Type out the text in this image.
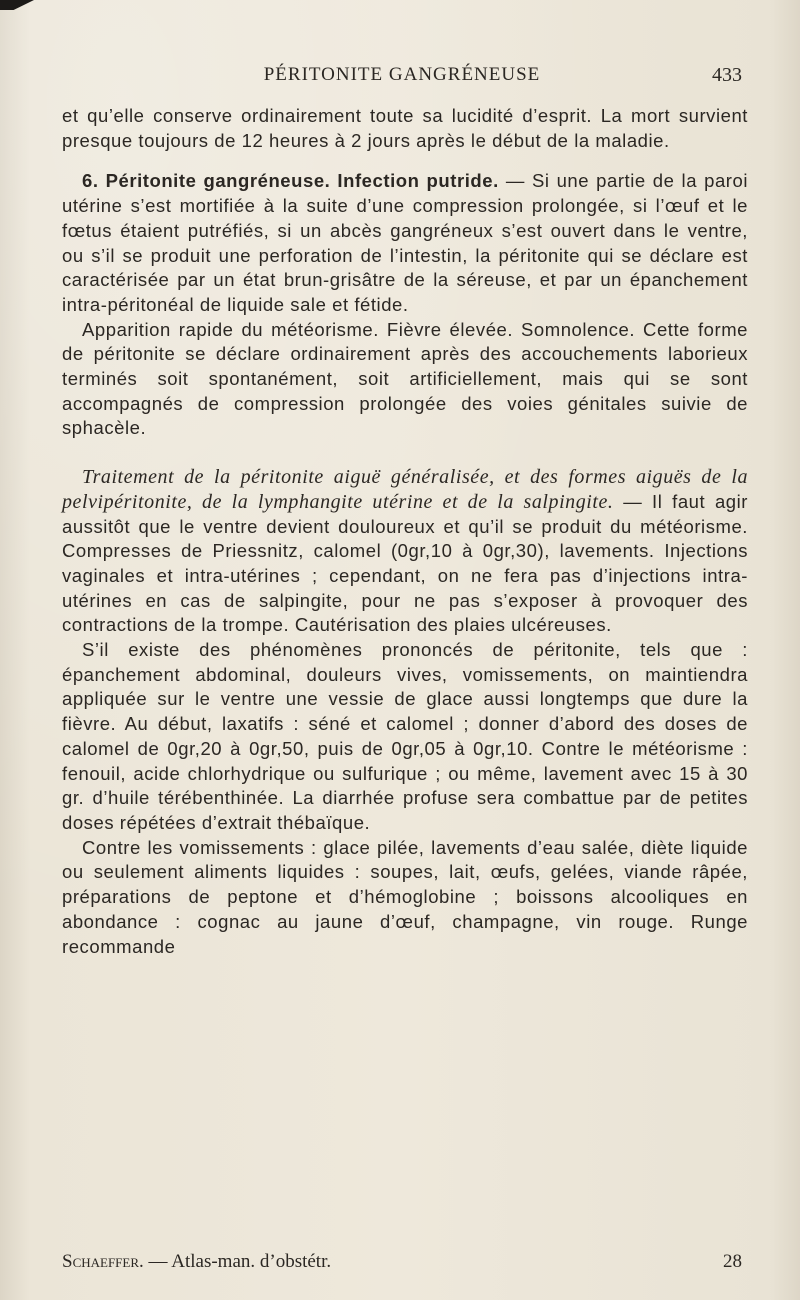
PÉRITONITE GANGRÉNEUSE	433

et qu’elle conserve ordinairement toute sa lucidité d’esprit. La mort survient presque toujours de 12 heures à 2 jours après le début de la maladie.

6. Péritonite gangréneuse. Infection putride. — Si une partie de la paroi utérine s’est mortifiée à la suite d’une compression prolongée, si l’œuf et le fœtus étaient putréfiés, si un abcès gangréneux s’est ouvert dans le ventre, ou s’il se produit une perforation de l’intestin, la péritonite qui se déclare est caractérisée par un état brun-grisâtre de la séreuse, et par un épanchement intra-péritonéal de liquide sale et fétide.

Apparition rapide du météorisme. Fièvre élevée. Somnolence. Cette forme de péritonite se déclare ordinairement après des accouchements laborieux terminés soit spontanément, soit artificiellement, mais qui se sont accompagnés de compression prolongée des voies génitales suivie de sphacèle.

Traitement de la péritonite aiguë généralisée, et des formes aiguës de la pelvipéritonite, de la lymphangite utérine et de la salpingite. — Il faut agir aussitôt que le ventre devient douloureux et qu’il se produit du météorisme. Compresses de Priessnitz, calomel (0gr,10 à 0gr,30), lavements. Injections vaginales et intra-utérines ; cependant, on ne fera pas d’injections intra-utérines en cas de salpingite, pour ne pas s’exposer à provoquer des contractions de la trompe. Cautérisation des plaies ulcéreuses.

S’il existe des phénomènes prononcés de péritonite, tels que : épanchement abdominal, douleurs vives, vomissements, on maintiendra appliquée sur le ventre une vessie de glace aussi longtemps que dure la fièvre. Au début, laxatifs : séné et calomel ; donner d’abord des doses de calomel de 0gr,20 à 0gr,50, puis de 0gr,05 à 0gr,10. Contre le météorisme : fenouil, acide chlorhydrique ou sulfurique ; ou même, lavement avec 15 à 30 gr. d’huile térébenthinée. La diarrhée profuse sera combattue par de petites doses répétées d’extrait thébaïque.

Contre les vomissements : glace pilée, lavements d’eau salée, diète liquide ou seulement aliments liquides : soupes, lait, œufs, gelées, viande râpée, préparations de peptone et d’hémoglobine ; boissons alcooliques en abondance : cognac au jaune d’œuf, champagne, vin rouge. Runge recommande

Schaeffer. — Atlas-man. d’obstétr.	28
